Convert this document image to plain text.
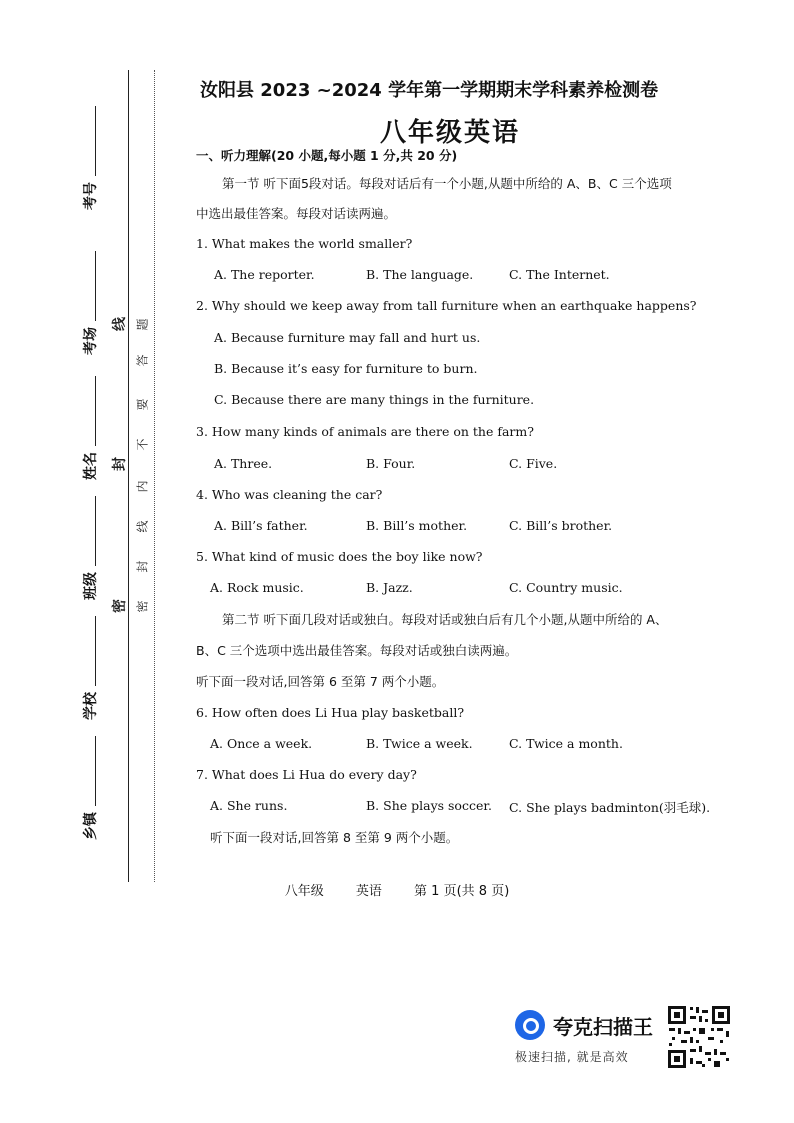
考号
考场
姓名
班级
学校
乡镇
线
封
密
题
答
要
不
内
线
封
密
汝阳县 2023 ~2024 学年第一学期期末学科素养检测卷
八年级英语
一、听力理解(20 小题,每小题 1 分,共 20 分)
第一节 听下面5段对话。每段对话后有一个小题,从题中所给的 A、B、C 三个选项
中选出最佳答案。每段对话读两遍。
1. What makes the world smaller?
A. The reporter.	B. The language.	C. The Internet.
2. Why should we keep away from tall furniture when an earthquake happens?
A. Because furniture may fall and hurt us.
B. Because it’s easy for furniture to burn.
C. Because there are many things in the furniture.
3. How many kinds of animals are there on the farm?
A. Three.	B. Four.	C. Five.
4. Who was cleaning the car?
A. Bill’s father.	B. Bill’s mother.	C. Bill’s brother.
5. What kind of music does the boy like now?
A. Rock music.	B. Jazz.	C. Country music.
第二节 听下面几段对话或独白。每段对话或独白后有几个小题,从题中所给的 A、
B、C 三个选项中选出最佳答案。每段对话或独白读两遍。
听下面一段对话,回答第 6 至第 7 两个小题。
6. How often does Li Hua play basketball?
A. Once a week.	B. Twice a week.	C. Twice a month.
7. What does Li Hua do every day?
A. She runs.	B. She plays soccer. C. She plays badminton(羽毛球).
听下面一段对话,回答第 8 至第 9 两个小题。
八年级 英语 第 1 页(共 8 页)
夸克扫描王
极速扫描, 就是高效
